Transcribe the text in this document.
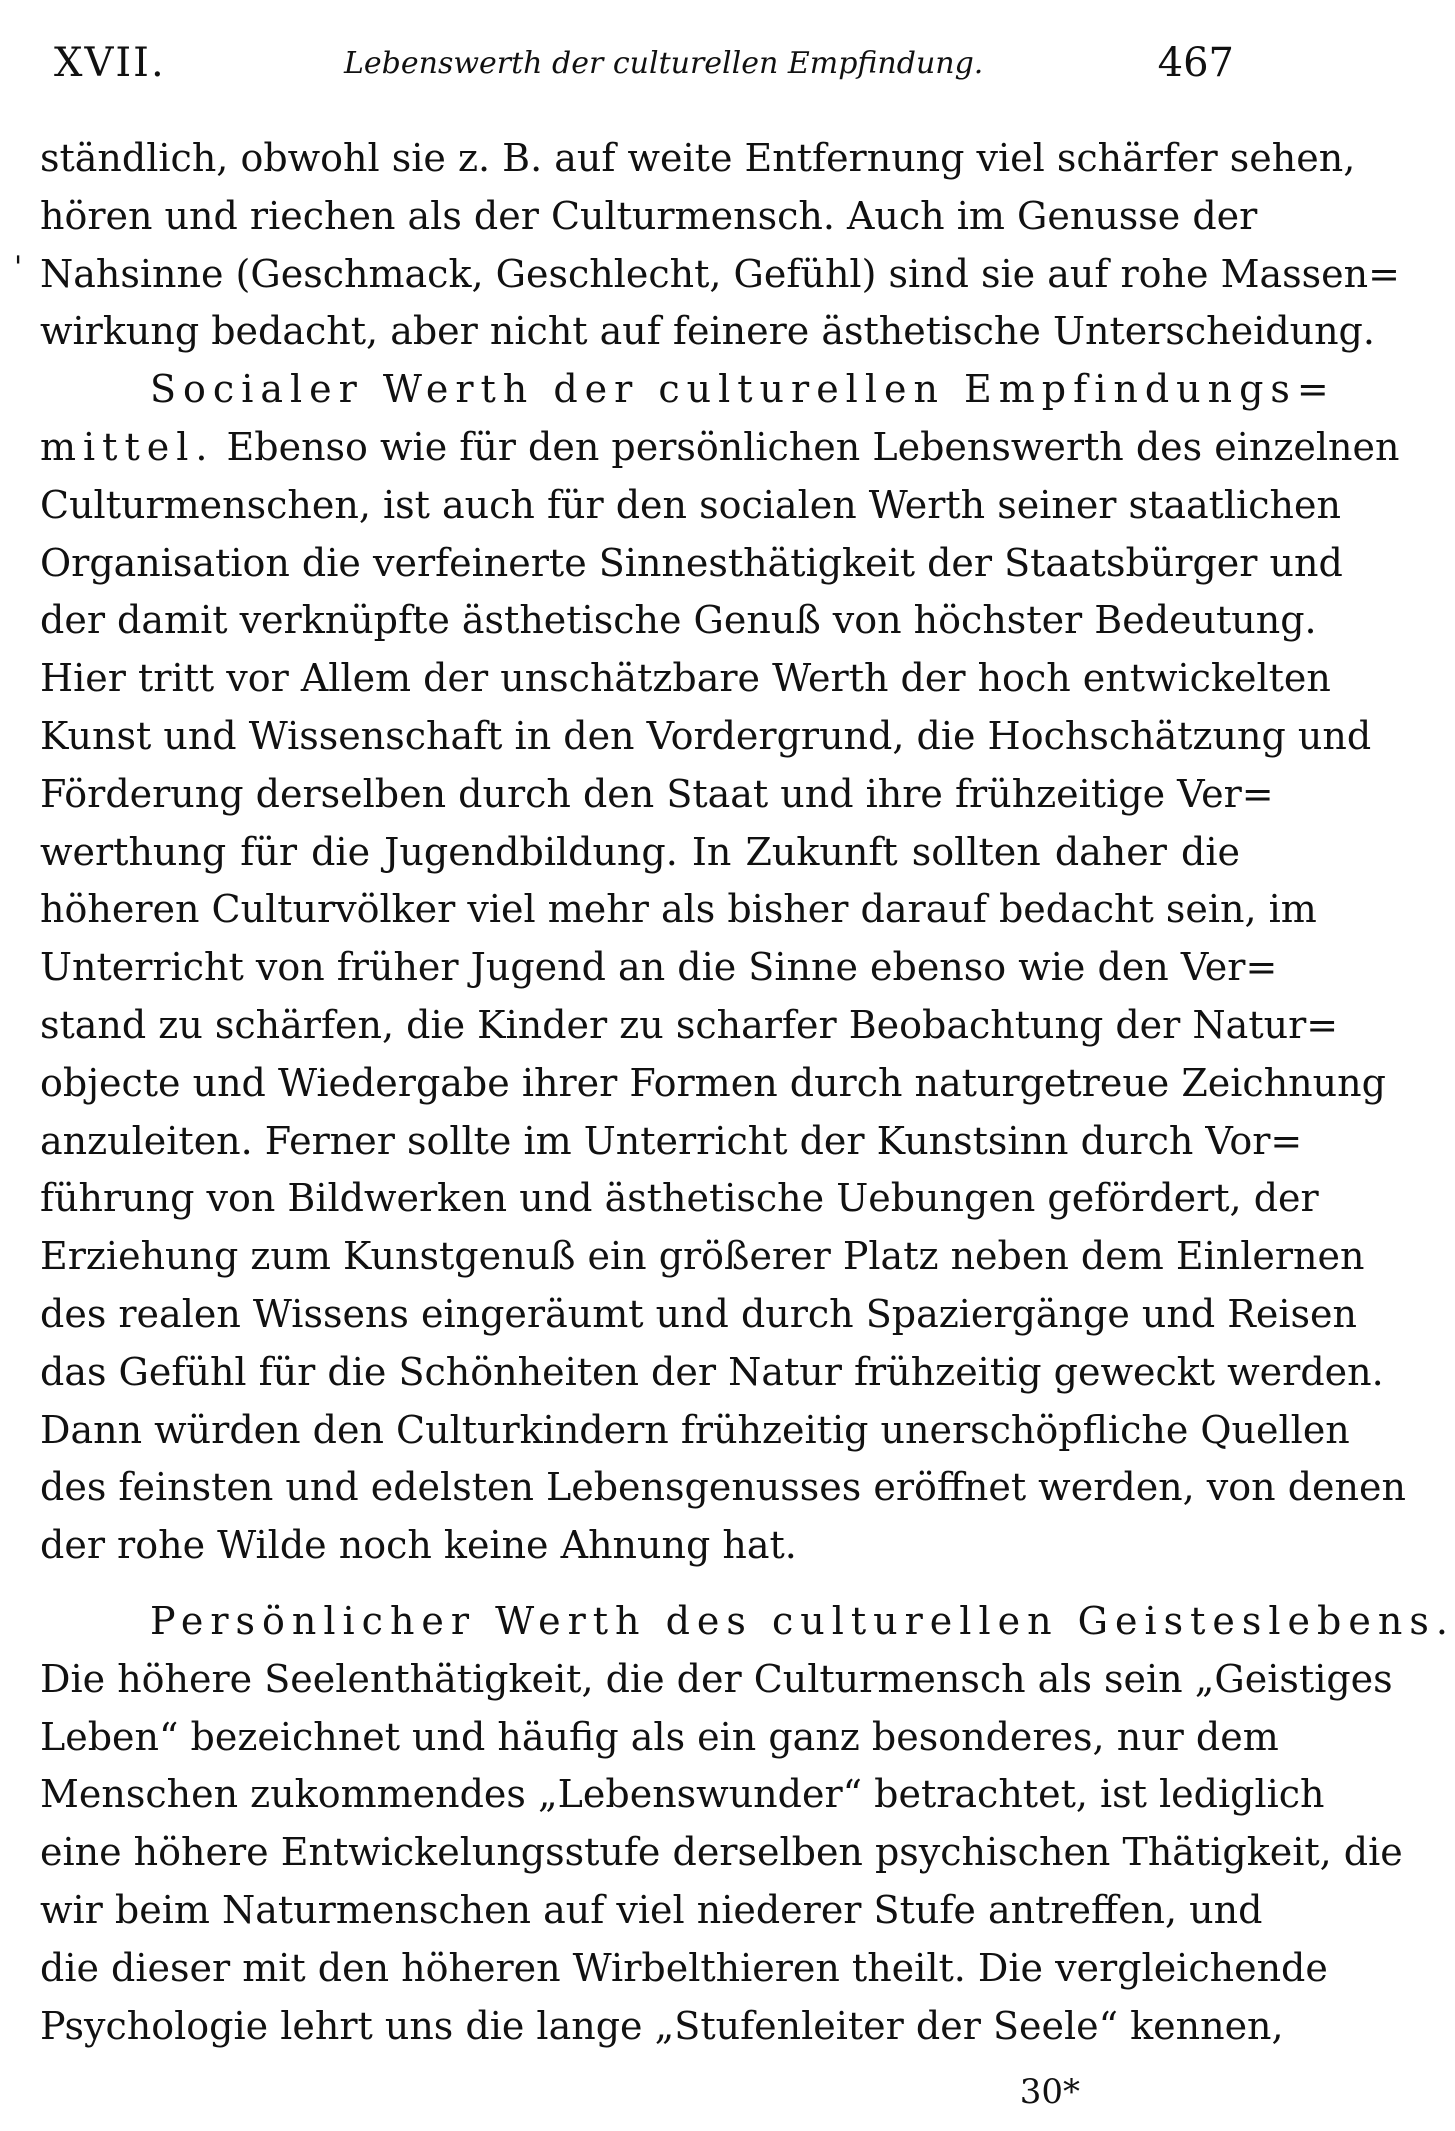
XVII.	Lebenswerth der culturellen Empfindung.	467
'
ständlich, obwohl sie z. B. auf weite Entfernung viel schärfer sehen,
hören und riechen als der Culturmensch. Auch im Genusse der
Nahsinne (Geschmack, Geschlecht, Gefühl) sind sie auf rohe Massen=
wirkung bedacht, aber nicht auf feinere ästhetische Unterscheidung.
Socialer Werth der culturellen Empfindungs=
mittel. Ebenso wie für den persönlichen Lebenswerth des einzelnen
Culturmenschen, ist auch für den socialen Werth seiner staatlichen
Organisation die verfeinerte Sinnesthätigkeit der Staatsbürger und
der damit verknüpfte ästhetische Genuß von höchster Bedeutung.
Hier tritt vor Allem der unschätzbare Werth der hoch entwickelten
Kunst und Wissenschaft in den Vordergrund, die Hochschätzung und
Förderung derselben durch den Staat und ihre frühzeitige Ver=
werthung für die Jugendbildung. In Zukunft sollten daher die
höheren Culturvölker viel mehr als bisher darauf bedacht sein, im
Unterricht von früher Jugend an die Sinne ebenso wie den Ver=
stand zu schärfen, die Kinder zu scharfer Beobachtung der Natur=
objecte und Wiedergabe ihrer Formen durch naturgetreue Zeichnung
anzuleiten. Ferner sollte im Unterricht der Kunstsinn durch Vor=
führung von Bildwerken und ästhetische Uebungen gefördert, der
Erziehung zum Kunstgenuß ein größerer Platz neben dem Einlernen
des realen Wissens eingeräumt und durch Spaziergänge und Reisen
das Gefühl für die Schönheiten der Natur frühzeitig geweckt werden.
Dann würden den Culturkindern frühzeitig unerschöpfliche Quellen
des feinsten und edelsten Lebensgenusses eröffnet werden, von denen
der rohe Wilde noch keine Ahnung hat.
Persönlicher Werth des culturellen Geisteslebens.
Die höhere Seelenthätigkeit, die der Culturmensch als sein „Geistiges
Leben“ bezeichnet und häufig als ein ganz besonderes, nur dem
Menschen zukommendes „Lebenswunder“ betrachtet, ist lediglich
eine höhere Entwickelungsstufe derselben psychischen Thätigkeit, die
wir beim Naturmenschen auf viel niederer Stufe antreffen, und
die dieser mit den höheren Wirbelthieren theilt. Die vergleichende
Psychologie lehrt uns die lange „Stufenleiter der Seele“ kennen,
30*
